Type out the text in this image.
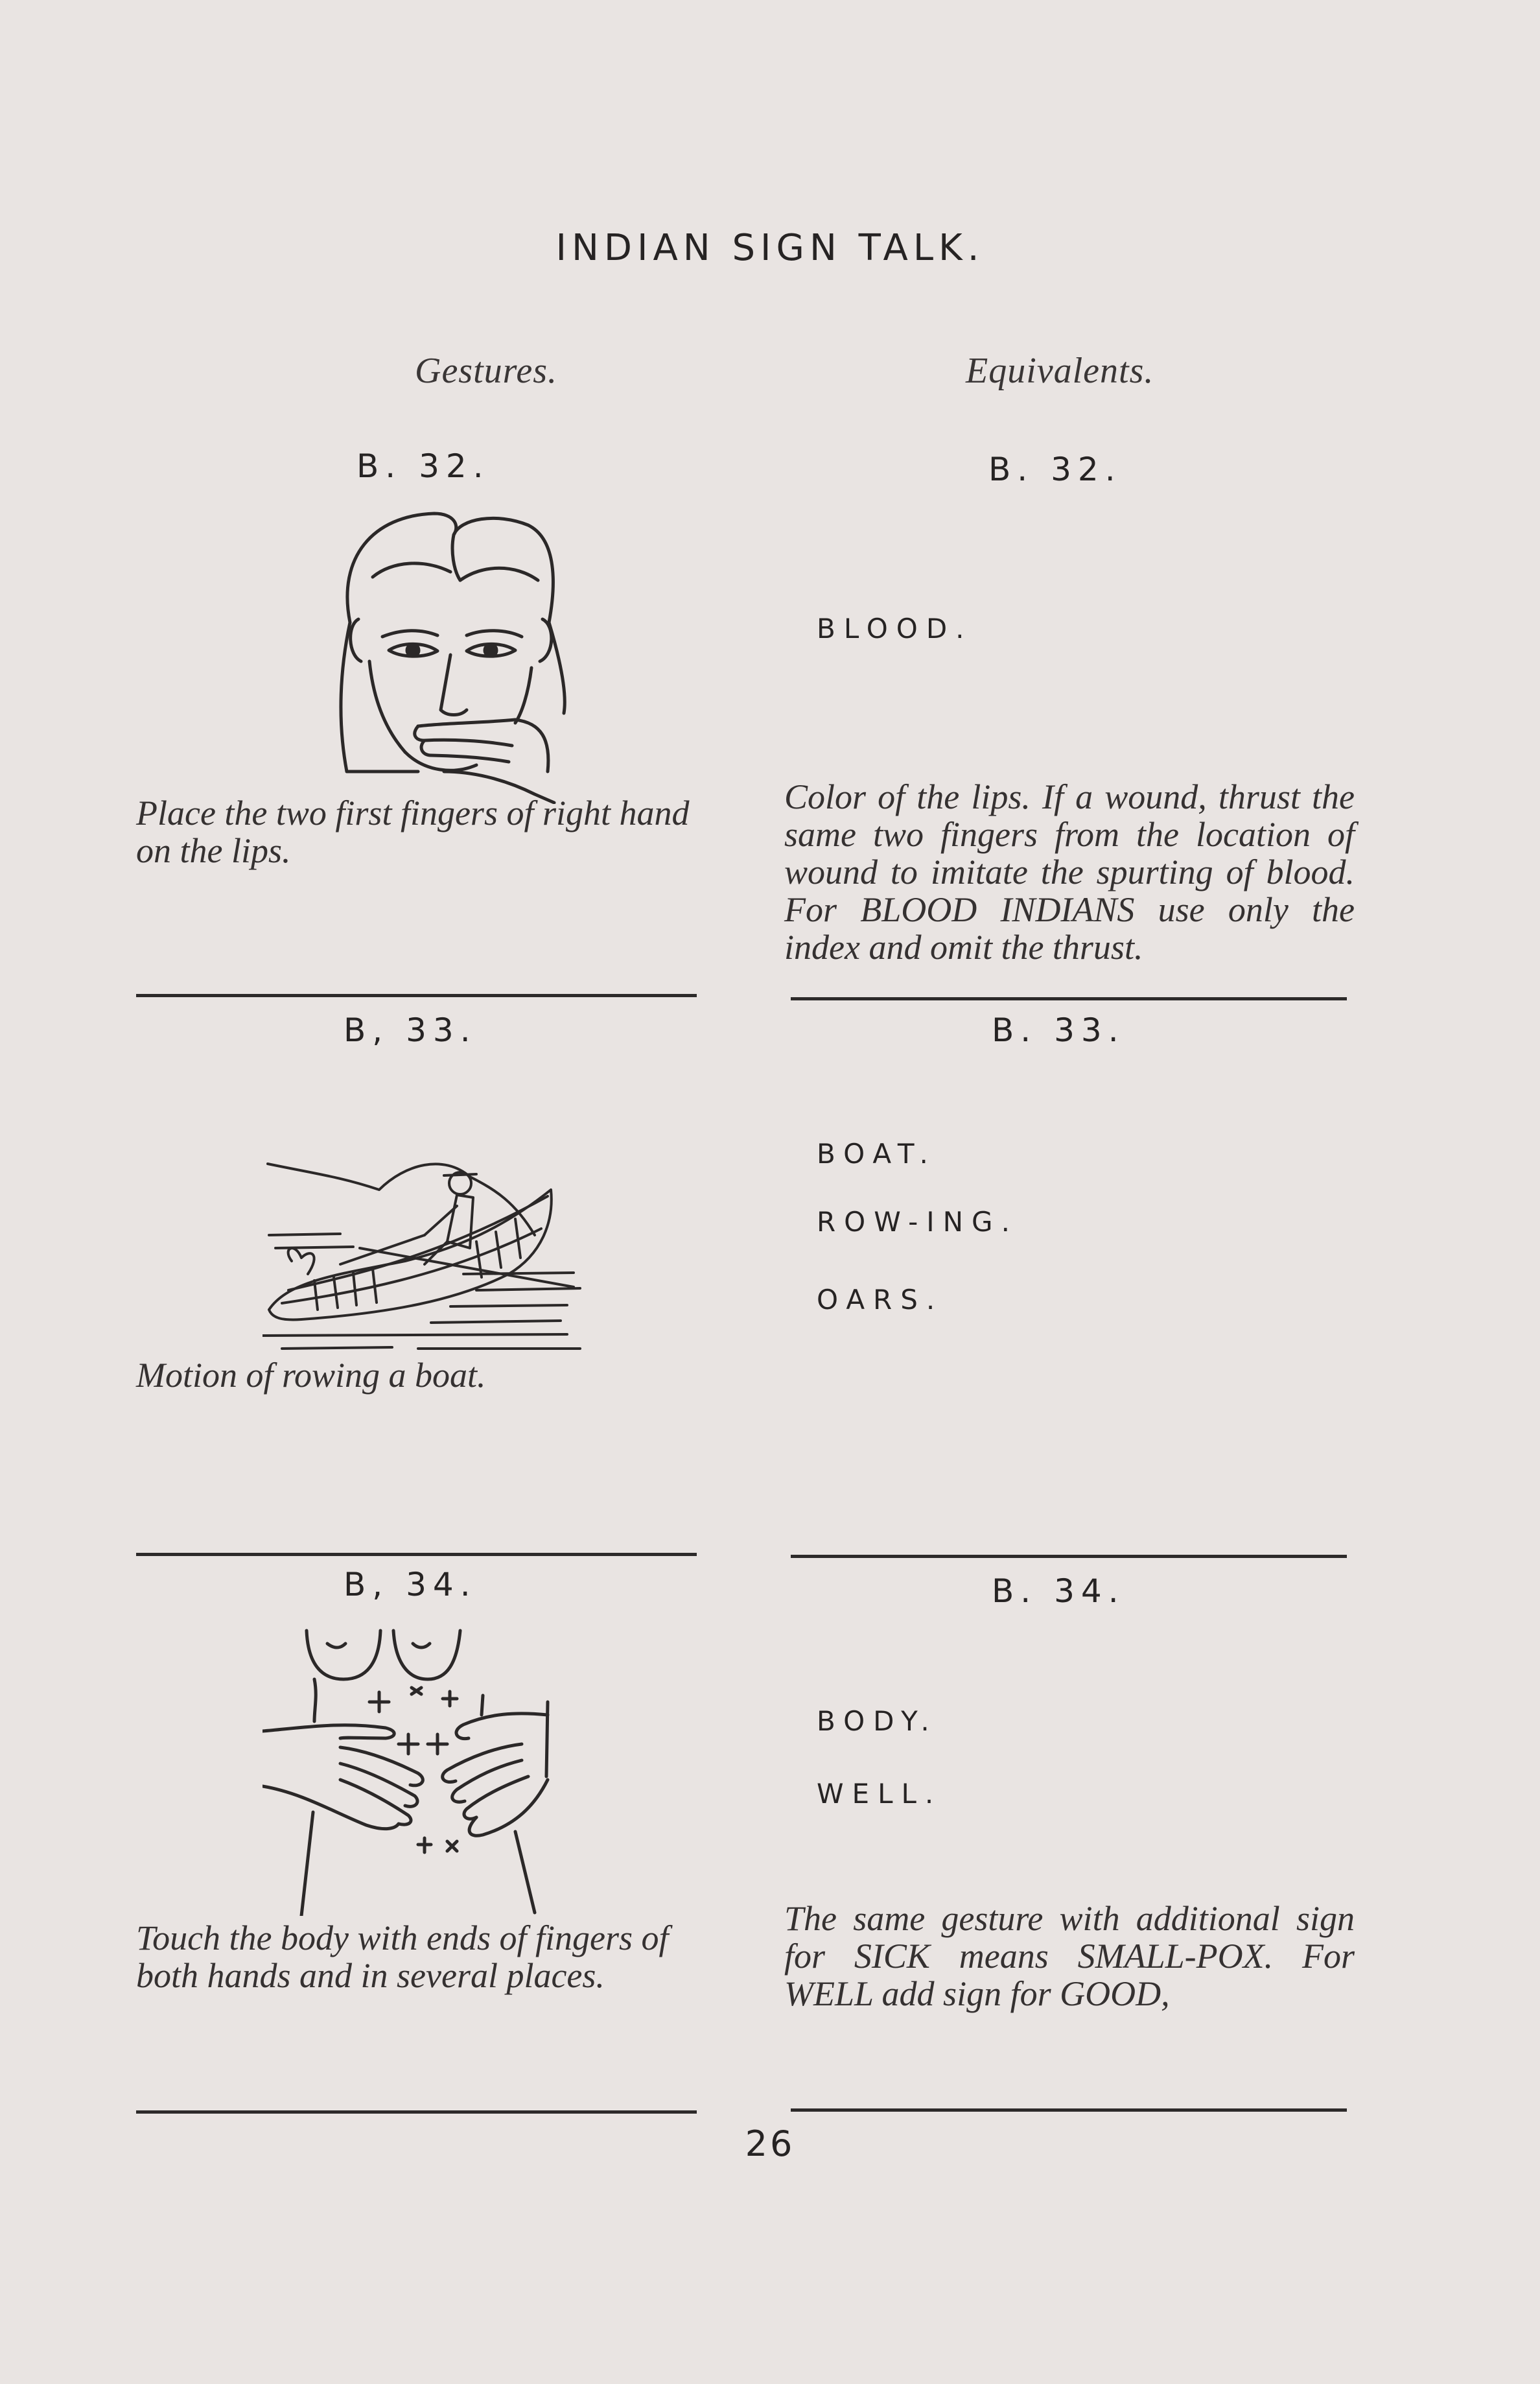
INDIAN SIGN TALK.
Gestures.	Equivalents.
B. 32.	B. 32.
Place the two first fingers of right hand on the lips.
BLOOD.
Color of the lips. If a wound, thrust the same two fingers from the location of wound to imitate the spurting of blood. For BLOOD INDIANS use only the index and omit the thrust.
B, 33.	B. 33.
Motion of rowing a boat.
BOAT.
ROW-ING.
OARS.
B, 34.	B. 34.
Touch the body with ends of fingers of both hands and in several places.
BODY.
WELL.
The same gesture with additional sign for SICK means SMALL-POX. For WELL add sign for GOOD,
26
